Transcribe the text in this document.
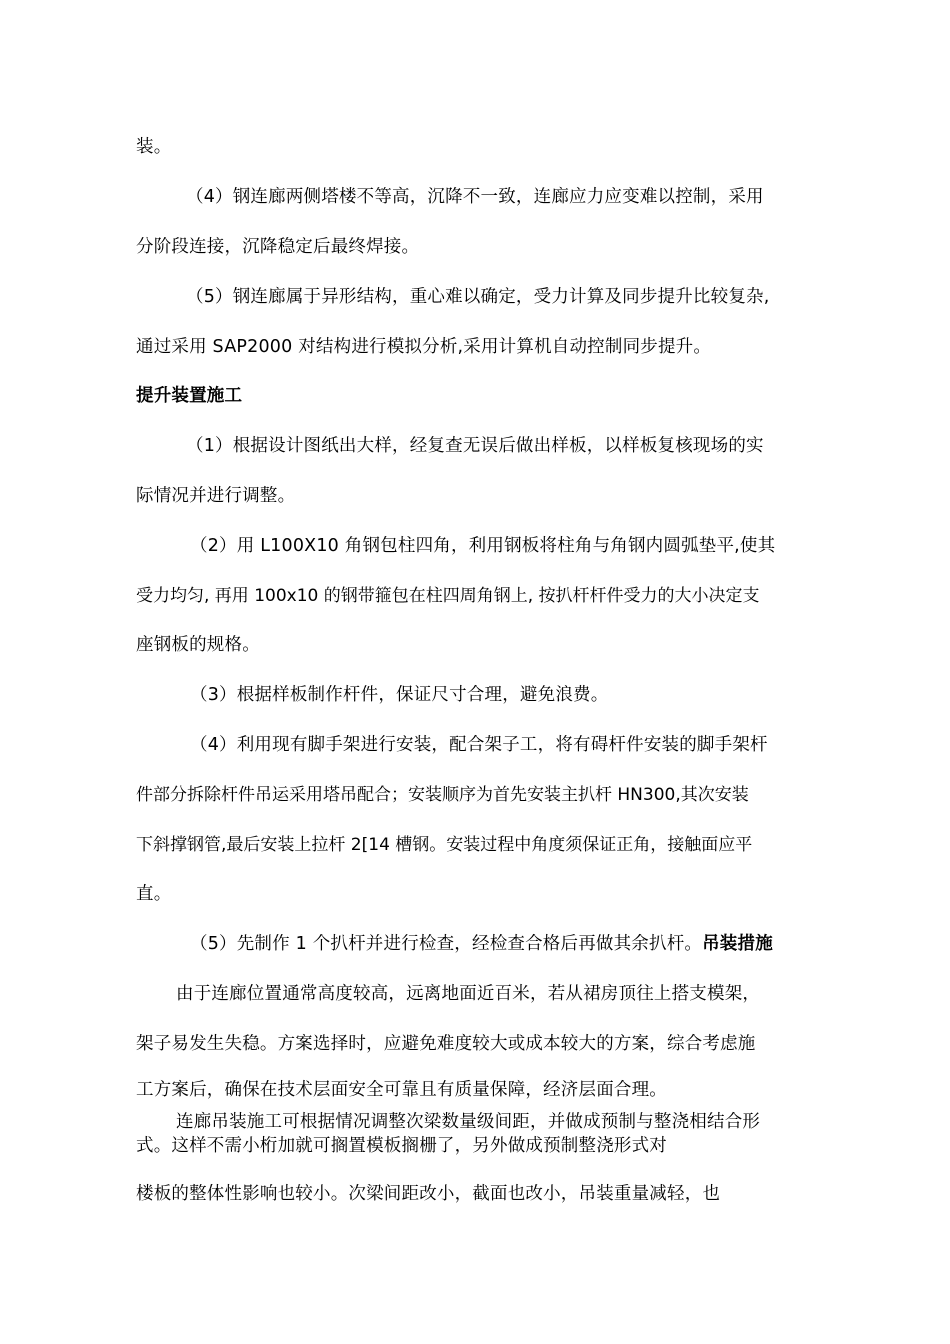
装。
（4）钢连廊两侧塔楼不等高，沉降不一致，连廊应力应变难以控制，采用
分阶段连接，沉降稳定后最终焊接。
（5）钢连廊属于异形结构，重心难以确定，受力计算及同步提升比较复杂,
通过采用 SAP2000 对结构进行模拟分析,采用计算机自动控制同步提升。
提升装置施工
（1）根据设计图纸出大样，经复查无误后做出样板，以样板复核现场的实
际情况并进行调整。
（2）用 L100X10 角钢包柱四角，利用钢板将柱角与角钢内圆弧垫平,使其
受力均匀, 再用 100x10 的钢带箍包在柱四周角钢上, 按扒杆杆件受力的大小决定支
座钢板的规格。
（3）根据样板制作杆件，保证尺寸合理，避免浪费。
（4）利用现有脚手架进行安装，配合架子工，将有碍杆件安装的脚手架杆
件部分拆除杆件吊运采用塔吊配合；安装顺序为首先安装主扒杆 HN300,其次安装
下斜撑钢管,最后安装上拉杆 2[14 槽钢。安装过程中角度须保证正角，接触面应平
直。
（5）先制作 1 个扒杆并进行检查，经检查合格后再做其余扒杆。吊装措施
由于连廊位置通常高度较高，远离地面近百米，若从裙房顶往上搭支模架，
架子易发生失稳。方案选择时，应避免难度较大或成本较大的方案，综合考虑施
工方案后，确保在技术层面安全可靠且有质量保障，经济层面合理。
连廊吊装施工可根据情况调整次梁数量级间距，并做成预制与整浇相结合形
式。这样不需小桁加就可搁置模板搁栅了，另外做成预制整浇形式对
楼板的整体性影响也较小。次梁间距改小，截面也改小，吊装重量减轻，也
